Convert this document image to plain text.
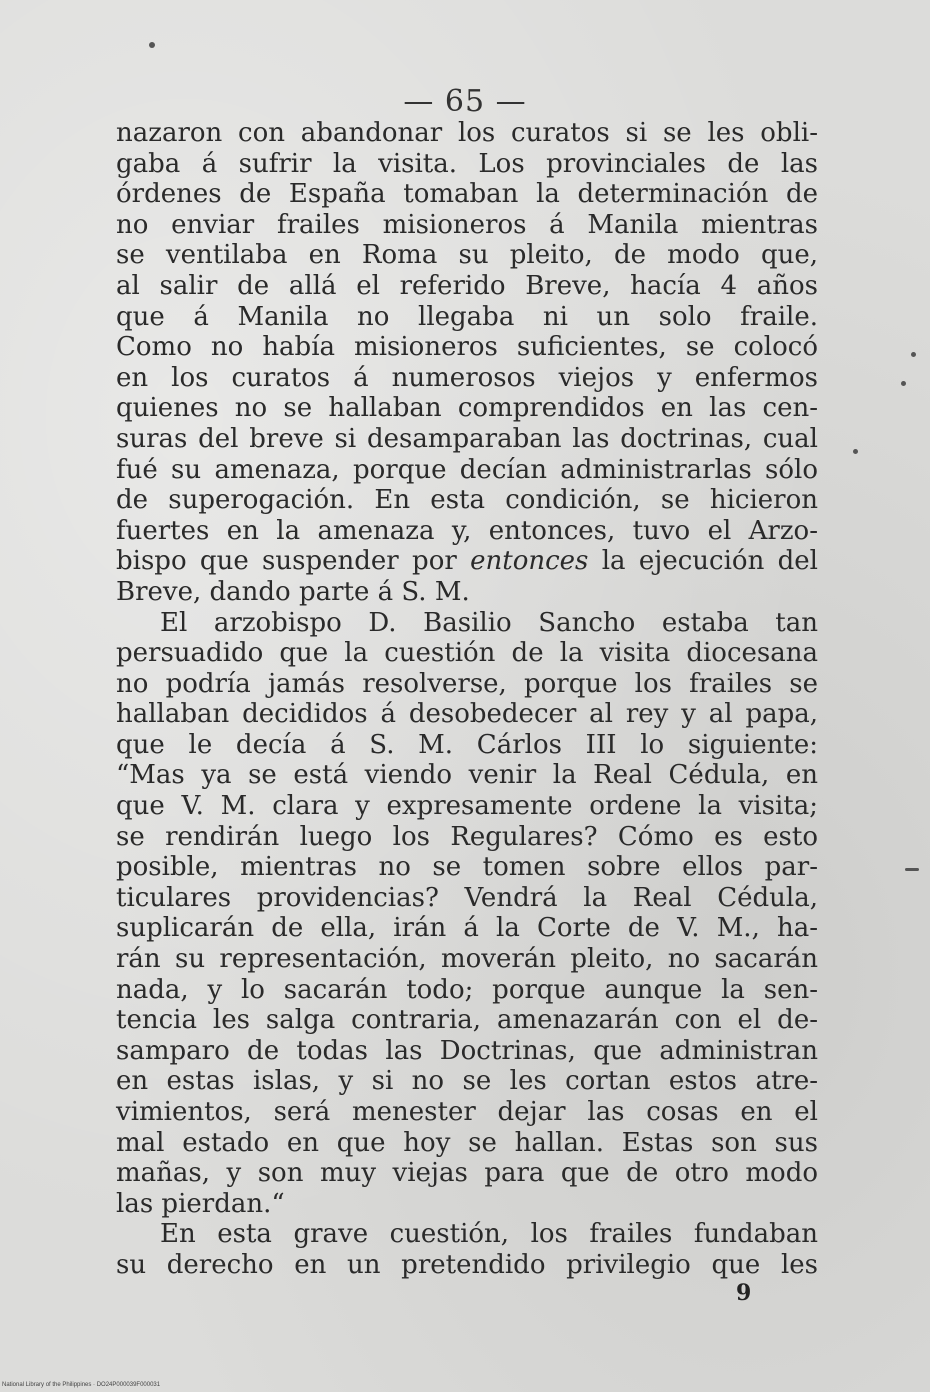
— 65 —
nazaron con abandonar los curatos si se les obli-
gaba á sufrir la visita. Los provinciales de las
órdenes de España tomaban la determinación de
no enviar frailes misioneros á Manila mientras
se ventilaba en Roma su pleito, de modo que,
al salir de allá el referido Breve, hacía 4 años
que á Manila no llegaba ni un solo fraile.
Como no había misioneros suficientes, se colocó
en los curatos á numerosos viejos y enfermos
quienes no se hallaban comprendidos en las cen-
suras del breve si desamparaban las doctrinas, cual
fué su amenaza, porque decían administrarlas sólo
de superogación. En esta condición, se hicieron
fuertes en la amenaza y, entonces, tuvo el Arzo-
bispo que suspender por entonces la ejecución del
Breve, dando parte á S. M.
El arzobispo D. Basilio Sancho estaba tan
persuadido que la cuestión de la visita diocesana
no podría jamás resolverse, porque los frailes se
hallaban decididos á desobedecer al rey y al papa,
que le decía á S. M. Cárlos III lo siguiente:
“Mas ya se está viendo venir la Real Cédula, en
que V. M. clara y expresamente ordene la visita;
se rendirán luego los Regulares? Cómo es esto
posible, mientras no se tomen sobre ellos par-
ticulares providencias? Vendrá la Real Cédula,
suplicarán de ella, irán á la Corte de V. M., ha-
rán su representación, moverán pleito, no sacarán
nada, y lo sacarán todo; porque aunque la sen-
tencia les salga contraria, amenazarán con el de-
samparo de todas las Doctrinas, que administran
en estas islas, y si no se les cortan estos atre-
vimientos, será menester dejar las cosas en el
mal estado en que hoy se hallan. Estas son sus
mañas, y son muy viejas para que de otro modo
las pierdan.“
En esta grave cuestión, los frailes fundaban
su derecho en un pretendido privilegio que les
9
National Library of the Philippines · DO24P000039F000031
